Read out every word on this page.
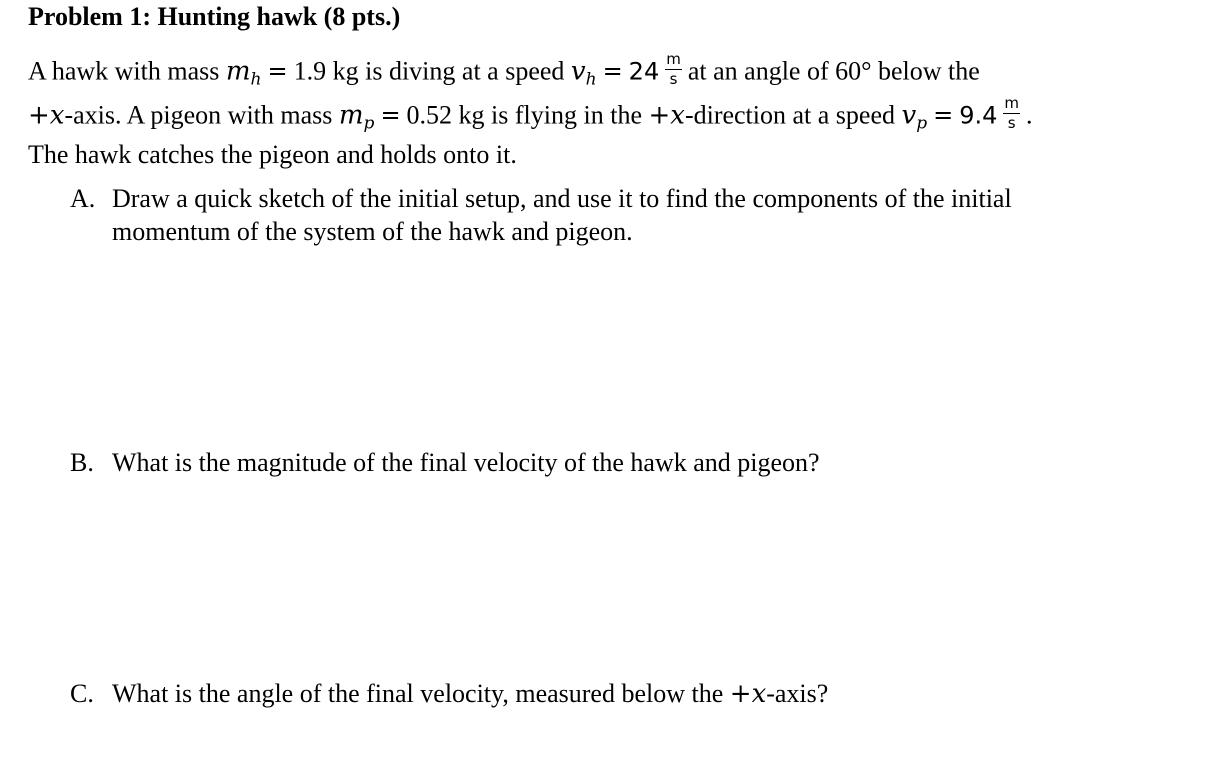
Problem 1: Hunting hawk (8 pts.)
A hawk with mass $m_h = 1.9$ kg is diving at a speed $v_h = 24 \frac{m}{s}$ at an angle of 60° below the
+x-axis. A pigeon with mass $m_p = 0.52$ kg is flying in the +x-direction at a speed $v_p = 9.4 \frac{m}{s}$ .
The hawk catches the pigeon and holds onto it.
A. Draw a quick sketch of the initial setup, and use it to find the components of the initial
momentum of the system of the hawk and pigeon.
B. What is the magnitude of the final velocity of the hawk and pigeon?
C. What is the angle of the final velocity, measured below the +x-axis?
